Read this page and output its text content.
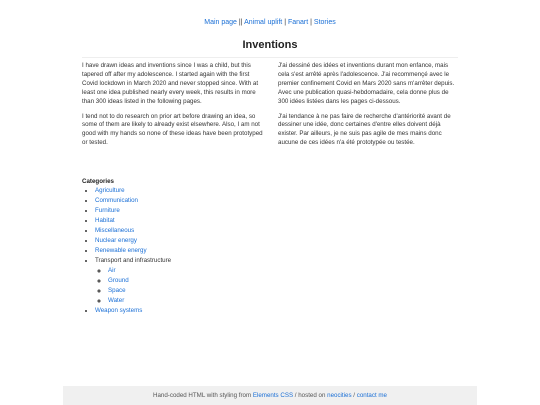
Main page || Animal uplift | Fanart | Stories
Inventions

I have drawn ideas and inventions since I was a child, but this tapered off after my adolescence. I started again with the first Covid lockdown in March 2020 and never stopped since. With at least one idea published nearly every week, this results in more than 300 ideas listed in the following pages.

I tend not to do research on prior art before drawing an idea, so some of them are likely to already exist elsewhere. Also, I am not good with my hands so none of these ideas have been prototyped or tested.

J'ai dessiné des idées et inventions durant mon enfance, mais cela s'est arrêté après l'adolescence. J'ai recommençé avec le premier confinement Covid en Mars 2020 sans m'arrêter depuis. Avec une publication quasi-hebdomadaire, cela donne plus de 300 idées listées dans les pages ci-dessous.

J'ai tendance à ne pas faire de recherche d'antériorité avant de dessiner une idée, donc certaines d'entre elles doivent déjà exister. Par ailleurs, je ne suis pas agile de mes mains donc aucune de ces idées n'a été prototypée ou testée.

Categories
• Agriculture
• Communication
• Furniture
• Habitat
• Miscellaneous
• Nuclear energy
• Renewable energy
• Transport and infrastructure
◦ Air
◦ Ground
◦ Space
◦ Water
• Weapon systems
Hand-coded HTML with styling from Elements CSS / hosted on neocities / contact me
